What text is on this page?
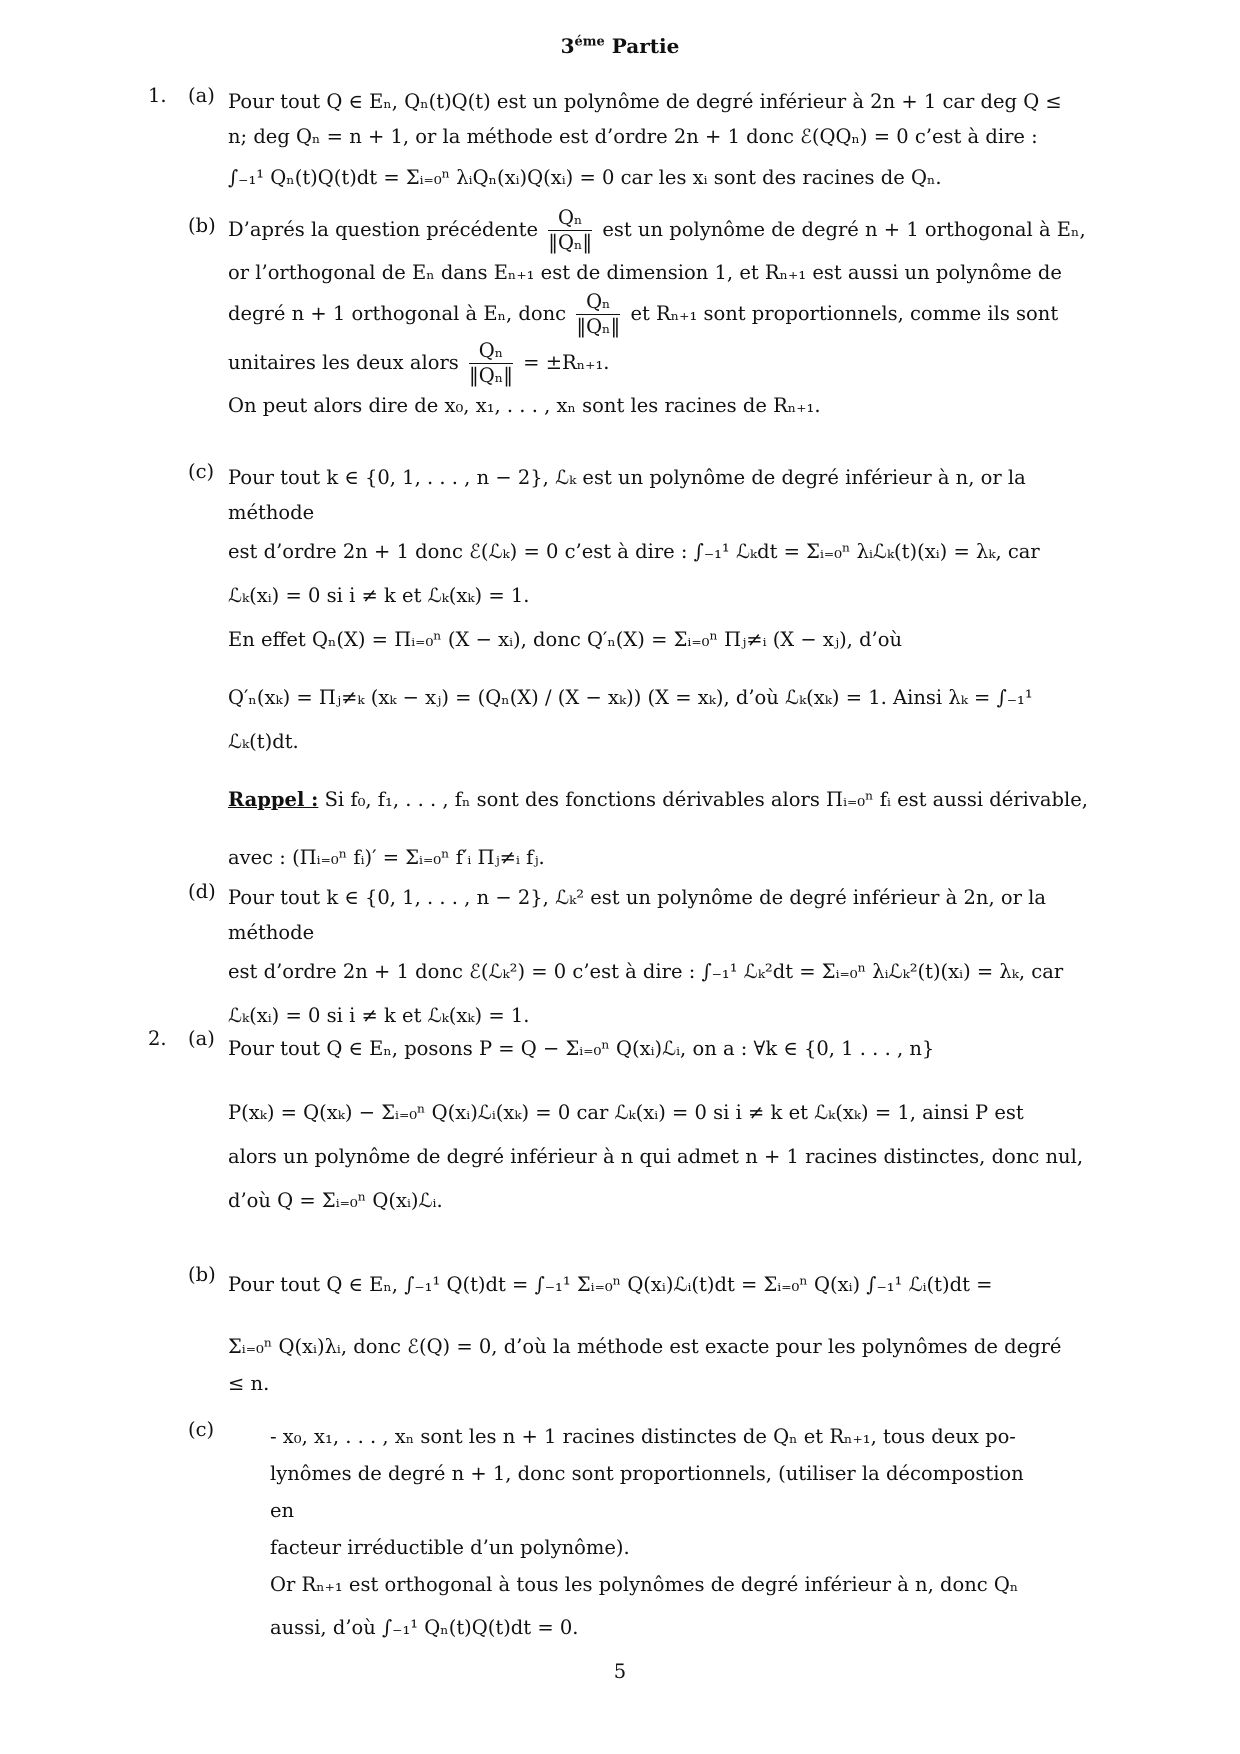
$3^{éme}$ Partie
1. (a) Pour tout Q ∈ Eₙ, Qₙ(t)Q(t) est un polynôme de degré inférieur à 2n + 1 car deg Q ≤
n; deg Qₙ = n + 1, or la méthode est d’ordre 2n + 1 donc ℰ(QQₙ) = 0 c’est à dire :
∫₋₁¹ Qₙ(t)Q(t)dt = Σᵢ₌₀ⁿ λᵢQₙ(xᵢ)Q(xᵢ) = 0 car les xᵢ sont des racines de Qₙ.
(b) D’aprés la question précédente $\frac{\text{Qₙ}}{\text{‖Qₙ‖}}$ est un polynôme de degré n + 1 orthogonal à Eₙ,
or l’orthogonal de Eₙ dans Eₙ₊₁ est de dimension 1, et Rₙ₊₁ est aussi un polynôme de
degré n + 1 orthogonal à Eₙ, donc $\frac{\text{Qₙ}}{\text{‖Qₙ‖}}$ et Rₙ₊₁ sont proportionnels, comme ils sont
unitaires les deux alors $\frac{\text{Qₙ}}{\text{‖Qₙ‖}} = \pm R_{n+1}$.
On peut alors dire de x₀, x₁, . . . , xₙ sont les racines de Rₙ₊₁.
(c) Pour tout k ∈ {0, 1, . . . , n − 2}, ℒₖ est un polynôme de degré inférieur à n, or la méthode
est d’ordre 2n + 1 donc ℰ(ℒₖ) = 0 c’est à dire : ∫₋₁¹ ℒₖdt = Σᵢ₌₀ⁿ λᵢℒₖ(t)(xᵢ) = λₖ, car
ℒₖ(xᵢ) = 0 si i ≠ k et ℒₖ(xₖ) = 1.
En effet Qₙ(X) = Πᵢ₌₀ⁿ (X − xᵢ), donc Q′ₙ(X) = Σᵢ₌₀ⁿ Πⱼ≠ᵢ (X − xⱼ), d’où
Q′ₙ(xₖ) = Πⱼ≠ₖ (xₖ − xⱼ) = (Qₙ(X) / (X − xₖ)) (X = xₖ), d’où ℒₖ(xₖ) = 1. Ainsi λₖ = ∫₋₁¹ ℒₖ(t)dt.
Rappel : Si f₀, f₁, . . . , fₙ sont des fonctions dérivables alors Πᵢ₌₀ⁿ fᵢ est aussi dérivable,
avec : (Πᵢ₌₀ⁿ fᵢ)′ = Σᵢ₌₀ⁿ f′ᵢ Πⱼ≠ᵢ fⱼ.
(d) Pour tout k ∈ {0, 1, . . . , n − 2}, ℒₖ² est un polynôme de degré inférieur à 2n, or la méthode
est d’ordre 2n + 1 donc ℰ(ℒₖ²) = 0 c’est à dire : ∫₋₁¹ ℒₖ²dt = Σᵢ₌₀ⁿ λᵢℒₖ²(t)(xᵢ) = λₖ, car
ℒₖ(xᵢ) = 0 si i ≠ k et ℒₖ(xₖ) = 1.
2. (a) Pour tout Q ∈ Eₙ, posons P = Q − Σᵢ₌₀ⁿ Q(xᵢ)ℒᵢ, on a : ∀k ∈ {0, 1 . . . , n}
P(xₖ) = Q(xₖ) − Σᵢ₌₀ⁿ Q(xᵢ)ℒᵢ(xₖ) = 0 car ℒₖ(xᵢ) = 0 si i ≠ k et ℒₖ(xₖ) = 1, ainsi P est
alors un polynôme de degré inférieur à n qui admet n + 1 racines distinctes, donc nul,
d’où Q = Σᵢ₌₀ⁿ Q(xᵢ)ℒᵢ.
(b) Pour tout Q ∈ Eₙ, ∫₋₁¹ Q(t)dt = ∫₋₁¹ Σᵢ₌₀ⁿ Q(xᵢ)ℒᵢ(t)dt = Σᵢ₌₀ⁿ Q(xᵢ) ∫₋₁¹ ℒᵢ(t)dt =
Σᵢ₌₀ⁿ Q(xᵢ)λᵢ, donc ℰ(Q) = 0, d’où la méthode est exacte pour les polynômes de degré
≤ n.
(c)	- x₀, x₁, . . . , xₙ sont les n + 1 racines distinctes de Qₙ et Rₙ₊₁, tous deux po-
lynômes de degré n + 1, donc sont proportionnels, (utiliser la décompostion en
facteur irréductible d’un polynôme).
Or Rₙ₊₁ est orthogonal à tous les polynômes de degré inférieur à n, donc Qₙ
aussi, d’où ∫₋₁¹ Qₙ(t)Q(t)dt = 0.
5
